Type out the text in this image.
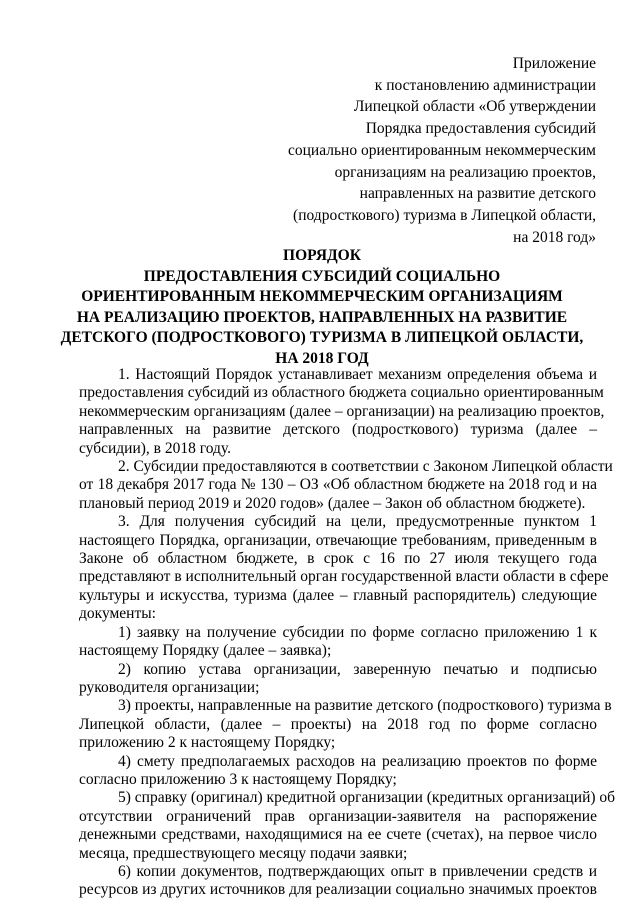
Приложение
к постановлению администрации
Липецкой области «Об утверждении
Порядка предоставления субсидий
социально ориентированным некоммерческим
организациям на реализацию проектов,
направленных на развитие детского
(подросткового) туризма в Липецкой области,
на 2018 год»
ПОРЯДОК
ПРЕДОСТАВЛЕНИЯ СУБСИДИЙ СОЦИАЛЬНО
ОРИЕНТИРОВАННЫМ НЕКОММЕРЧЕСКИМ ОРГАНИЗАЦИЯМ
НА РЕАЛИЗАЦИЮ ПРОЕКТОВ, НАПРАВЛЕННЫХ НА РАЗВИТИЕ
ДЕТСКОГО (ПОДРОСТКОВОГО) ТУРИЗМА В ЛИПЕЦКОЙ ОБЛАСТИ,
НА 2018 ГОД
1. Настоящий Порядок устанавливает механизм определения объема и
предоставления субсидий из областного бюджета социально ориентированным
некоммерческим организациям (далее – организации) на реализацию проектов,
направленных на развитие детского (подросткового) туризма (далее –
субсидии), в 2018 году.
2. Субсидии предоставляются в соответствии с Законом Липецкой области
от 18 декабря 2017 года № 130 – ОЗ «Об областном бюджете на 2018 год и на
плановый период 2019 и 2020 годов» (далее – Закон об областном бюджете).
3. Для получения субсидий на цели, предусмотренные пунктом 1
настоящего Порядка, организации, отвечающие требованиям, приведенным в
Законе об областном бюджете, в срок с 16 по 27 июля текущего года
представляют в исполнительный орган государственной власти области в сфере
культуры и искусства, туризма (далее – главный распорядитель) следующие
документы:
1) заявку на получение субсидии по форме согласно приложению 1 к
настоящему Порядку (далее – заявка);
2) копию устава организации, заверенную печатью и подписью
руководителя организации;
3) проекты, направленные на развитие детского (подросткового) туризма в
Липецкой области, (далее – проекты) на 2018 год по форме согласно
приложению 2 к настоящему Порядку;
4) смету предполагаемых расходов на реализацию проектов по форме
согласно приложению 3 к настоящему Порядку;
5) справку (оригинал) кредитной организации (кредитных организаций) об
отсутствии ограничений прав организации-заявителя на распоряжение
денежными средствами, находящимися на ее счете (счетах), на первое число
месяца, предшествующего месяцу подачи заявки;
6) копии документов, подтверждающих опыт в привлечении средств и
ресурсов из других источников для реализации социально значимых проектов
